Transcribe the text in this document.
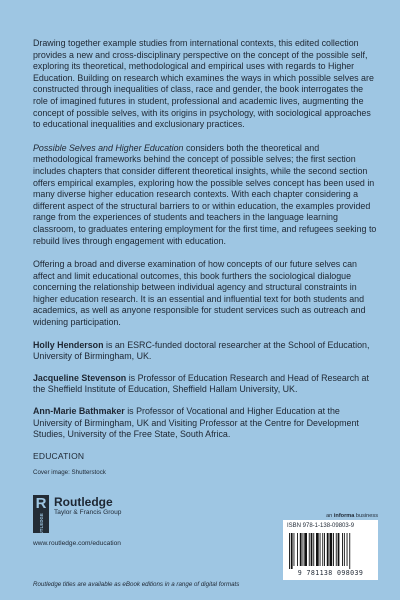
Drawing together example studies from international contexts, this edited collection provides a new and cross-disciplinary perspective on the concept of the possible self, exploring its theoretical, methodological and empirical uses with regards to Higher Education. Building on research which examines the ways in which possible selves are constructed through inequalities of class, race and gender, the book interrogates the role of imagined futures in student, professional and academic lives, augmenting the concept of possible selves, with its origins in psychology, with sociological approaches to educational inequalities and exclusionary practices.

Possible Selves and Higher Education considers both the theoretical and methodological frameworks behind the concept of possible selves; the first section includes chapters that consider different theoretical insights, while the second section offers empirical examples, exploring how the possible selves concept has been used in many diverse higher education research contexts. With each chapter considering a different aspect of the structural barriers to or within education, the examples provided range from the experiences of students and teachers in the language learning classroom, to graduates entering employment for the first time, and refugees seeking to rebuild lives through engagement with education.

Offering a broad and diverse examination of how concepts of our future selves can affect and limit educational outcomes, this book furthers the sociological dialogue concerning the relationship between individual agency and structural constraints in higher education research. It is an essential and influential text for both students and academics, as well as anyone responsible for student services such as outreach and widening participation.

Holly Henderson is an ESRC-funded doctoral researcher at the School of Education, University of Birmingham, UK.

Jacqueline Stevenson is Professor of Education Research and Head of Research at the Sheffield Institute of Education, Sheffield Hallam University, UK.

Ann-Marie Bathmaker is Professor of Vocational and Higher Education at the University of Birmingham, UK and Visiting Professor at the Centre for Development Studies, University of the Free State, South Africa.

EDUCATION
Cover image: Shutterstock
R
ROUTLEDGE
Routledge
Taylor & Francis Group
www.routledge.com/education
an informa business
ISBN 978-1-138-09803-9
9 781138 098039
Routledge titles are available as eBook editions in a range of digital formats
